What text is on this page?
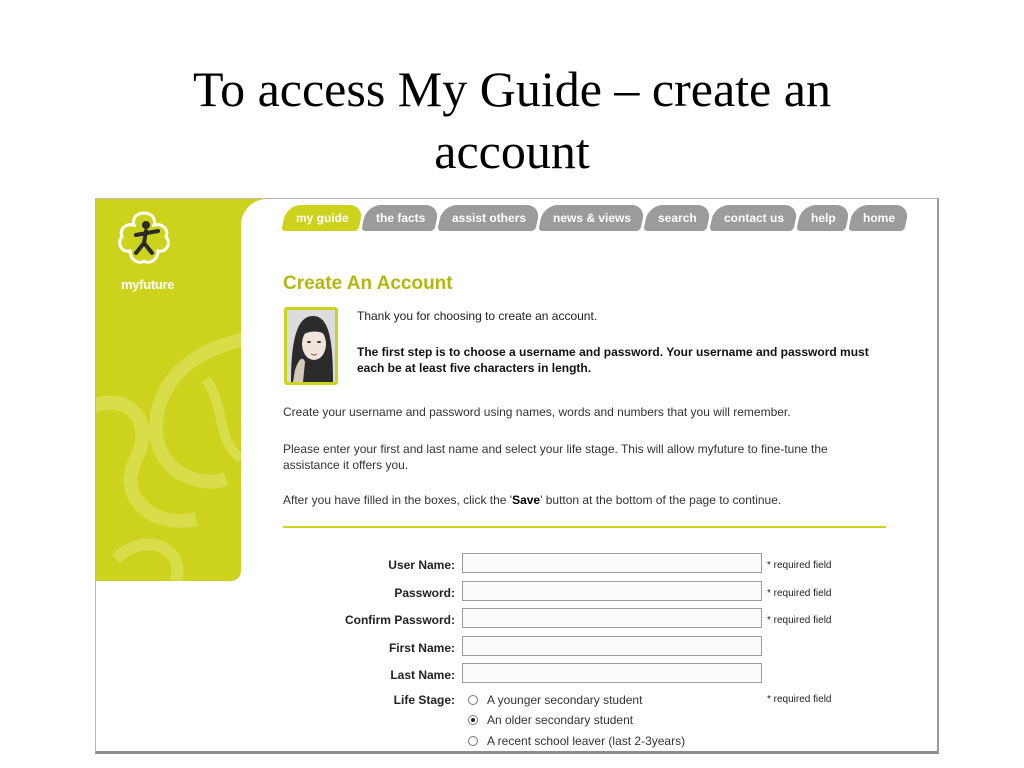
To access My Guide – create an
account
myfuture
my guide	the facts	assist others	news & views	search	contact us	help	home
Create An Account
Thank you for choosing to create an account.
The first step is to choose a username and password. Your username and password must each be at least five characters in length.
Create your username and password using names, words and numbers that you will remember.
Please enter your first and last name and select your life stage. This will allow myfuture to fine-tune the assistance it offers you.
After you have filled in the boxes, click the 'Save' button at the bottom of the page to continue.
User Name:	* required field
Password:	* required field
Confirm Password:	* required field
First Name:
Last Name:
Life Stage:	* required field
A younger secondary student
An older secondary student
A recent school leaver (last 2-3years)
